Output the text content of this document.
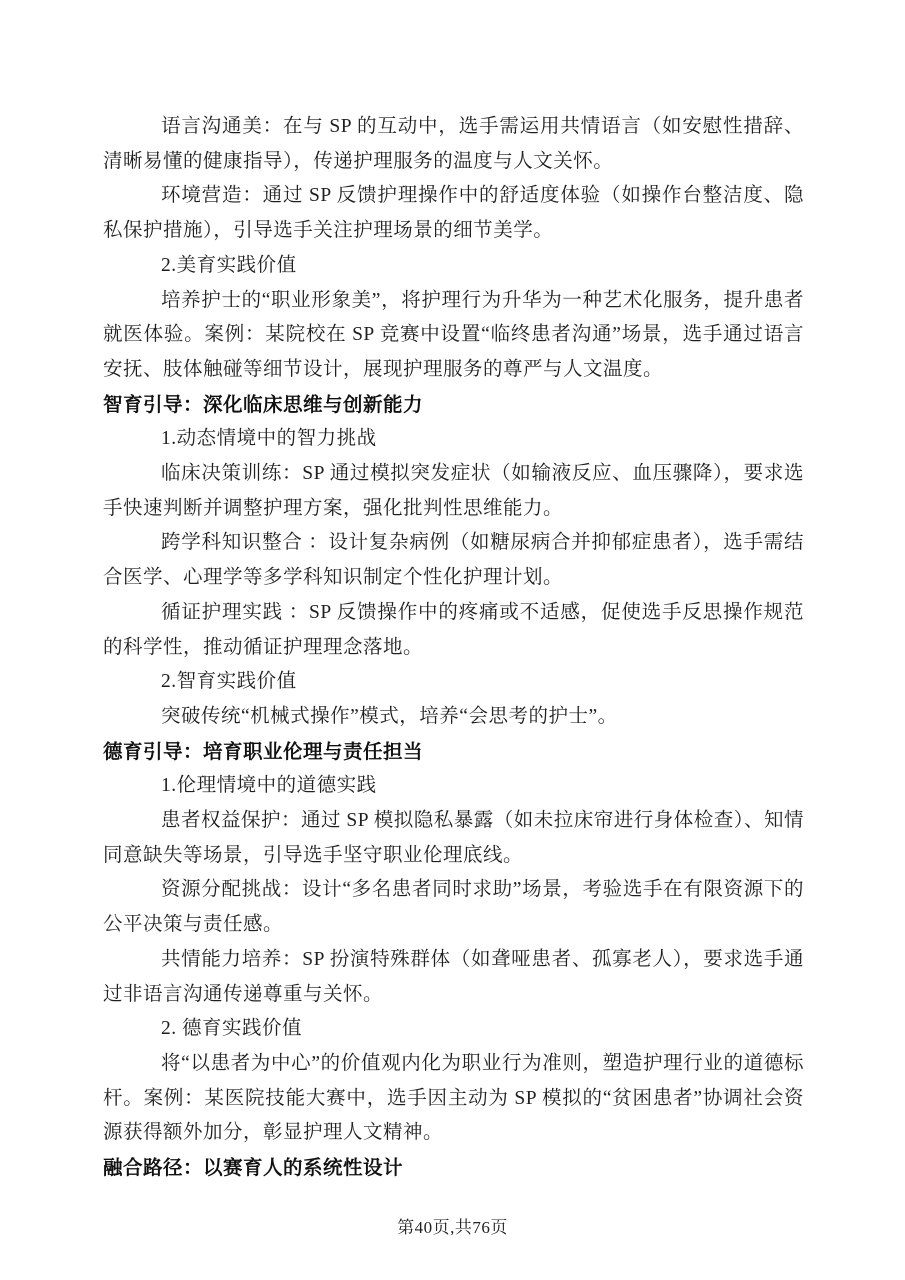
语言沟通美：在与 SP 的互动中，选手需运用共情语言（如安慰性措辞、清晰易懂的健康指导），传递护理服务的温度与人文关怀。

环境营造：通过 SP 反馈护理操作中的舒适度体验（如操作台整洁度、隐私保护措施），引导选手关注护理场景的细节美学。

2.美育实践价值

培养护士的“职业形象美”，将护理行为升华为一种艺术化服务，提升患者就医体验。案例：某院校在 SP 竞赛中设置“临终患者沟通”场景，选手通过语言安抚、肢体触碰等细节设计，展现护理服务的尊严与人文温度。

智育引导：深化临床思维与创新能力

1.动态情境中的智力挑战

临床决策训练：SP 通过模拟突发症状（如输液反应、血压骤降），要求选手快速判断并调整护理方案，强化批判性思维能力。

跨学科知识整合 ：设计复杂病例（如糖尿病合并抑郁症患者），选手需结合医学、心理学等多学科知识制定个性化护理计划。

循证护理实践 ：SP 反馈操作中的疼痛或不适感，促使选手反思操作规范的科学性，推动循证护理理念落地。

2.智育实践价值

突破传统“机械式操作”模式，培养“会思考的护士”。

德育引导：培育职业伦理与责任担当

1.伦理情境中的道德实践

患者权益保护：通过 SP 模拟隐私暴露（如未拉床帘进行身体检查）、知情同意缺失等场景，引导选手坚守职业伦理底线。

资源分配挑战：设计“多名患者同时求助”场景，考验选手在有限资源下的公平决策与责任感。

共情能力培养：SP 扮演特殊群体（如聋哑患者、孤寡老人），要求选手通过非语言沟通传递尊重与关怀。

2. 德育实践价值

将“以患者为中心”的价值观内化为职业行为准则，塑造护理行业的道德标杆。案例：某医院技能大赛中，选手因主动为 SP 模拟的“贫困患者”协调社会资源获得额外加分，彰显护理人文精神。

融合路径：以赛育人的系统性设计

第40页,共76页
